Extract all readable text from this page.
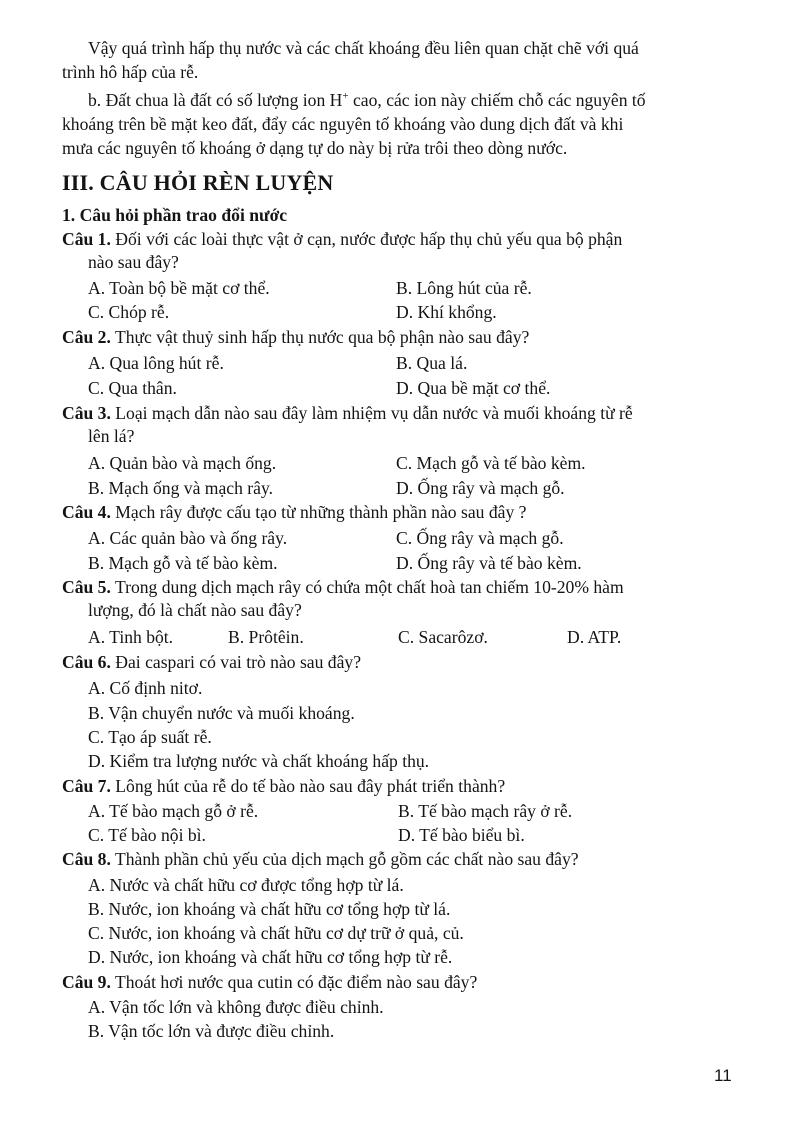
Vậy quá trình hấp thụ nước và các chất khoáng đều liên quan chặt chẽ với quá
trình hô hấp của rễ.
b. Đất chua là đất có số lượng ion H+ cao, các ion này chiếm chỗ các nguyên tố
khoáng trên bề mặt keo đất, đẩy các nguyên tố khoáng vào dung dịch đất và khi
mưa các nguyên tố khoáng ở dạng tự do này bị rửa trôi theo dòng nước.
III. CÂU HỎI RÈN LUYỆN
1. Câu hỏi phần trao đổi nước
Câu 1. Đối với các loài thực vật ở cạn, nước được hấp thụ chủ yếu qua bộ phận
nào sau đây?
A. Toàn bộ bề mặt cơ thể.	B. Lông hút của rễ.
C. Chóp rễ.	D. Khí khổng.
Câu 2. Thực vật thuỷ sinh hấp thụ nước qua bộ phận nào sau đây?
A. Qua lông hút rễ.	B. Qua lá.
C. Qua thân.	D. Qua bề mặt cơ thể.
Câu 3. Loại mạch dẫn nào sau đây làm nhiệm vụ dẫn nước và muối khoáng từ rễ
lên lá?
A. Quản bào và mạch ống.	C. Mạch gỗ và tế bào kèm.
B. Mạch ống và mạch rây.	D. Ống rây và mạch gỗ.
Câu 4. Mạch rây được cấu tạo từ những thành phần nào sau đây ?
A. Các quản bào và ống rây.	C. Ống rây và mạch gỗ.
B. Mạch gỗ và tế bào kèm.	D. Ống rây và tế bào kèm.
Câu 5. Trong dung dịch mạch rây có chứa một chất hoà tan chiếm 10-20% hàm
lượng, đó là chất nào sau đây?
A. Tinh bột.	B. Prôtêin.	C. Sacarôzơ.	D. ATP.
Câu 6. Đai caspari có vai trò nào sau đây?
A. Cố định nitơ.
B. Vận chuyển nước và muối khoáng.
C. Tạo áp suất rễ.
D. Kiểm tra lượng nước và chất khoáng hấp thụ.
Câu 7. Lông hút của rễ do tế bào nào sau đây phát triển thành?
A. Tế bào mạch gỗ ở rễ.	B. Tế bào mạch rây ở rễ.
C. Tế bào nội bì.	D. Tế bào biểu bì.
Câu 8. Thành phần chủ yếu của dịch mạch gỗ gồm các chất nào sau đây?
A. Nước và chất hữu cơ được tổng hợp từ lá.
B. Nước, ion khoáng và chất hữu cơ tổng hợp từ lá.
C. Nước, ion khoáng và chất hữu cơ dự trữ ở quả, củ.
D. Nước, ion khoáng và chất hữu cơ tổng hợp từ rễ.
Câu 9. Thoát hơi nước qua cutin có đặc điểm nào sau đây?
A. Vận tốc lớn và không được điều chỉnh.
B. Vận tốc lớn và được điều chỉnh.
11
